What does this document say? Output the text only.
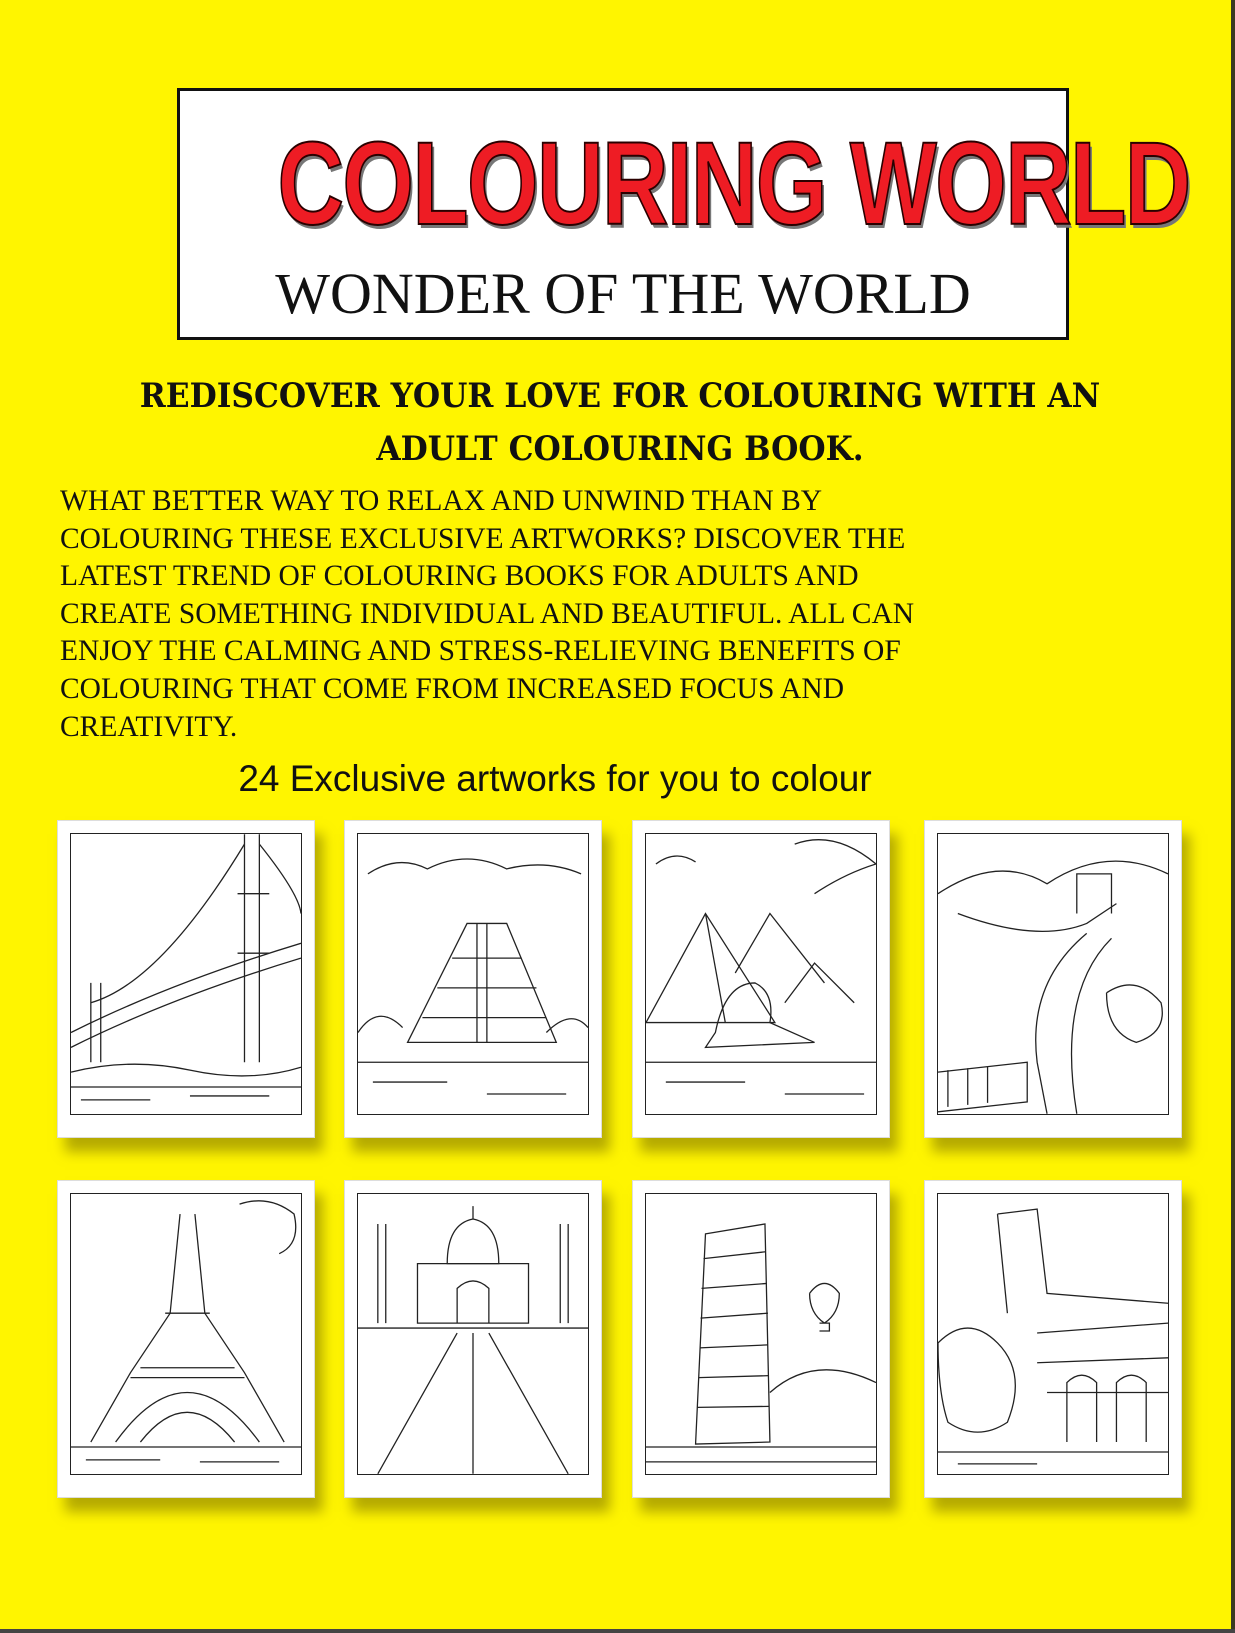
COLOURING WORLD
WONDER OF THE WORLD
REDISCOVER YOUR LOVE FOR COLOURING WITH AN
ADULT COLOURING BOOK.
WHAT BETTER WAY TO RELAX AND UNWIND THAN BY
COLOURING THESE EXCLUSIVE ARTWORKS? DISCOVER THE
LATEST TREND OF COLOURING BOOKS FOR ADULTS AND
CREATE SOMETHING INDIVIDUAL AND BEAUTIFUL. ALL CAN
ENJOY THE CALMING AND STRESS-RELIEVING BENEFITS OF
COLOURING THAT COME FROM INCREASED FOCUS AND
CREATIVITY.
24 Exclusive artworks for you to colour
